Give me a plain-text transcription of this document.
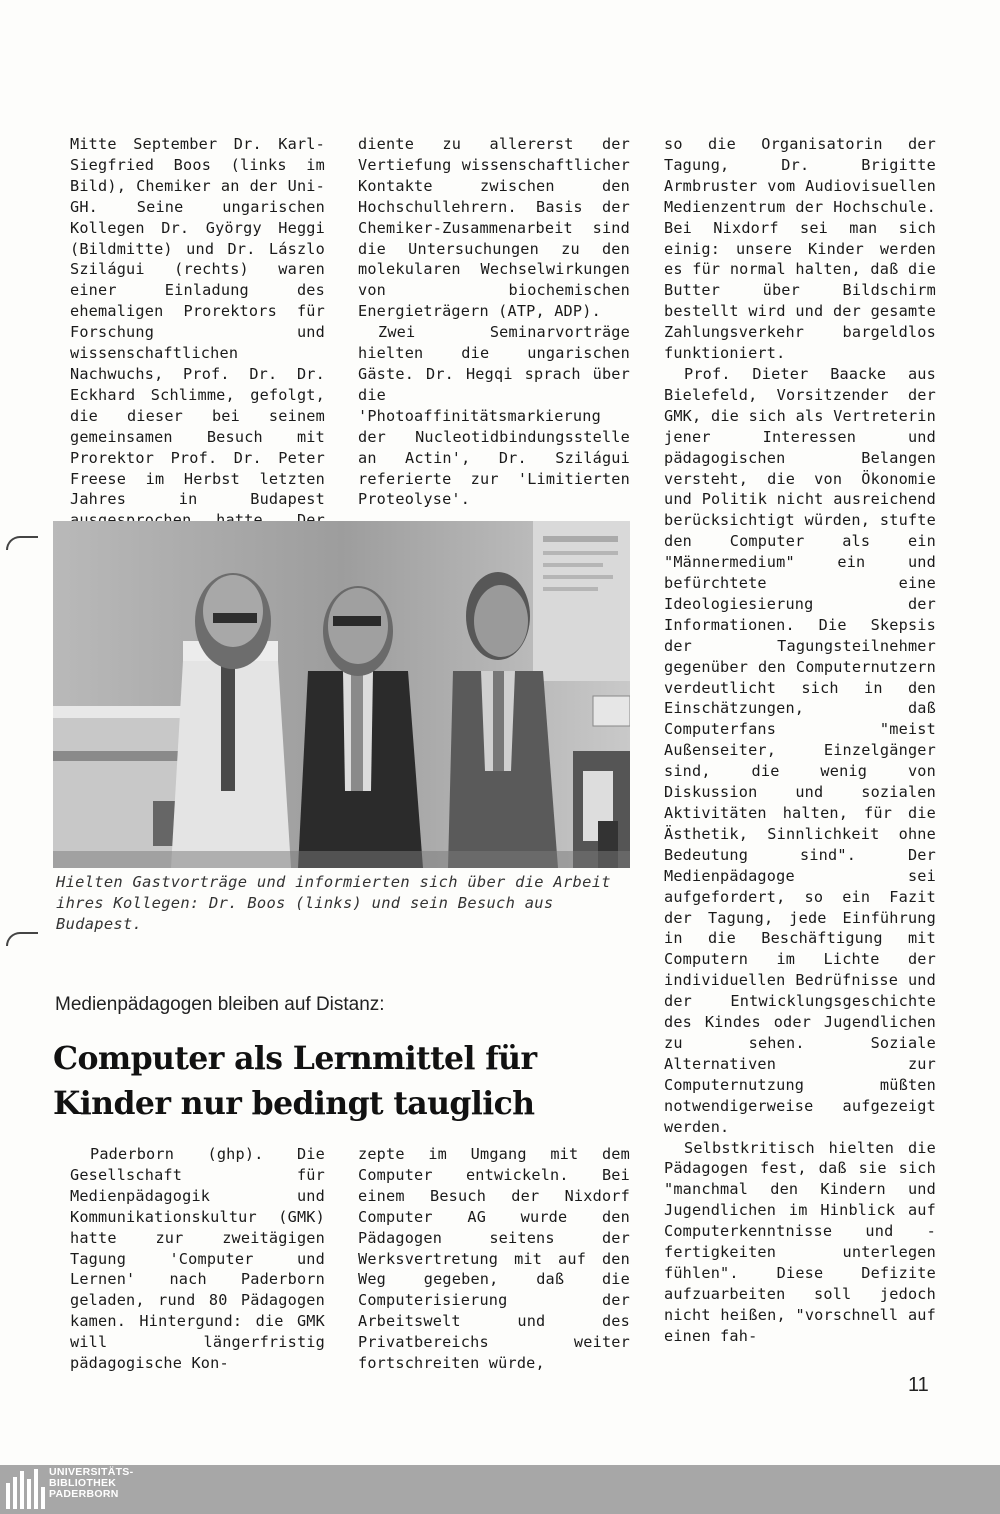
Mitte September Dr. Karl-Siegfried Boos (links im Bild), Chemiker an der Uni-GH. Seine ungarischen Kollegen Dr. György Heggi (Bildmitte) und Dr. Lászlo Szilágui (rechts) waren einer Einladung des ehemaligen Prorektors für Forschung und wissenschaftlichen Nachwuchs, Prof. Dr. Dr. Eckhard Schlimme, gefolgt, die dieser bei seinem gemeinsamen Besuch mit Prorektor Prof. Dr. Peter Freese im Herbst letzten Jahres in Budapest

diente zu allererst der Vertiefung wissenschaftlicher Kontakte zwischen den Hochschullehrern. Basis der Chemiker-Zusammenarbeit sind die Untersuchungen zu den molekularen Wechselwirkungen von biochemischen Energieträgern (ATP, ADP).

Zwei Seminarvorträge hielten die ungarischen Gäste. Dr. Hegqi sprach über die 'Photoaffinitätsmarkierung der Nucleotidbindungsstelle an Actin', Dr. Szilágui referierte zur 'Limitierten Proteolyse'.

so die Organisatorin der Tagung, Dr. Brigitte Armbruster vom Audiovisuellen Medienzentrum der Hochschule. Bei Nixdorf sei man sich einig: unsere Kinder werden es für normal halten, daß die Butter über Bildschirm bestellt wird und der gesamte Zahlungsverkehr bargeldlos funktioniert.

Prof. Dieter Baacke aus Bielefeld, Vorsitzender der GMK, die sich als Vertreterin jener Interessen und pädagogischen Belangen versteht, die von Ökonomie und Politik nicht ausreichend berücksichtigt würden, stufte den Computer als ein "Männermedium" ein und befürchtete eine Ideologiesierung der Informationen. Die Skepsis der Tagungsteilnehmer gegenüber den Computernutzern verdeutlicht sich in den Einschätzungen, daß Computerfans "meist Außenseiter, Einzelgänger sind, die wenig von Diskussion und sozialen Aktivitäten halten, für die Ästhetik, Sinnlichkeit ohne Bedeutung sind". Der Medienpädagoge sei aufgefordert, so ein Fazit der Tagung, jede Einführung in die Beschäftigung mit Computern im Lichte der individuellen Bedrüfnisse und der Entwicklungsgeschichte des Kindes oder Jugendlichen zu sehen. Soziale Alternativen zur Computernutzung müßten notwendigerweise aufgezeigt werden.

Selbstkritisch hielten die Pädagogen fest, daß sie sich "manchmal den Kindern und Jugendlichen im Hinblick auf Computerkenntnisse und -fertigkeiten unterlegen fühlen". Diese Defizite aufzuarbeiten soll jedoch nicht heißen, "vorschnell auf einen fah-

Hielten Gastvorträge und informierten sich über die Arbeit ihres Kollegen: Dr. Boos (links) und sein Besuch aus Budapest.
Medienpädagogen bleiben auf Distanz:
Computer als Lernmittel für Kinder nur bedingt tauglich

Paderborn (ghp). Die Gesellschaft für Medienpädagogik und Kommunikationskultur (GMK) hatte zur zweitägigen Tagung 'Computer und Lernen' nach Paderborn geladen, rund 80 Pädagogen kamen. Hintergund: die GMK will längerfristig pädagogische Kon-

zepte im Umgang mit dem Computer entwickeln. Bei einem Besuch der Nixdorf Computer AG wurde den Pädagogen seitens der Werksvertretung mit auf den Weg gegeben, daß die Computerisierung der Arbeitswelt und des Privatbereichs weiter fortschreiten würde,

11
UNIVERSITÄTS-
BIBLIOTHEK
PADERBORN
